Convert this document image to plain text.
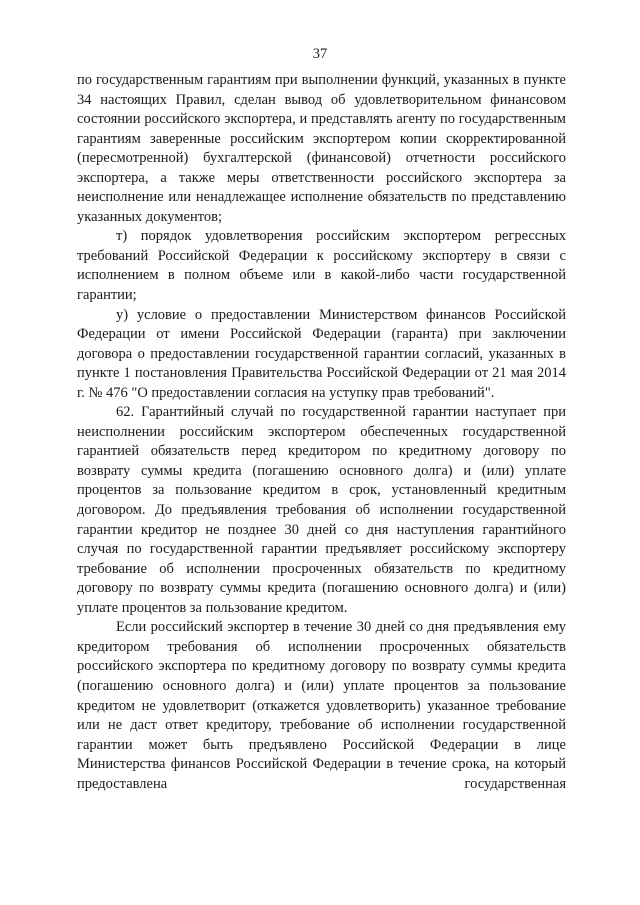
37

по государственным гарантиям при выполнении функций, указанных в пункте 34 настоящих Правил, сделан вывод об удовлетворительном финансовом состоянии российского экспортера, и представлять агенту по государственным гарантиям заверенные российским экспортером копии скорректированной (пересмотренной) бухгалтерской (финансовой) отчетности российского экспортера, а также меры ответственности российского экспортера за неисполнение или ненадлежащее исполнение обязательств по представлению указанных документов;

т) порядок удовлетворения российским экспортером регрессных требований Российской Федерации к российскому экспортеру в связи с исполнением в полном объеме или в какой-либо части государственной гарантии;

у) условие о предоставлении Министерством финансов Российской Федерации от имени Российской Федерации (гаранта) при заключении договора о предоставлении государственной гарантии согласий, указанных в пункте 1 постановления Правительства Российской Федерации от 21 мая 2014 г. № 476 "О предоставлении согласия на уступку прав требований".

62. Гарантийный случай по государственной гарантии наступает при неисполнении российским экспортером обеспеченных государственной гарантией обязательств перед кредитором по кредитному договору по возврату суммы кредита (погашению основного долга) и (или) уплате процентов за пользование кредитом в срок, установленный кредитным договором. До предъявления требования об исполнении государственной гарантии кредитор не позднее 30 дней со дня наступления гарантийного случая по государственной гарантии предъявляет российскому экспортеру требование об исполнении просроченных обязательств по кредитному договору по возврату суммы кредита (погашению основного долга) и (или) уплате процентов за пользование кредитом.

Если российский экспортер в течение 30 дней со дня предъявления ему кредитором требования об исполнении просроченных обязательств российского экспортера по кредитному договору по возврату суммы кредита (погашению основного долга) и (или) уплате процентов за пользование кредитом не удовлетворит (откажется удовлетворить) указанное требование или не даст ответ кредитору, требование об исполнении государственной гарантии может быть предъявлено Российской Федерации в лице Министерства финансов Российской Федерации в течение срока, на который предоставлена государственная
